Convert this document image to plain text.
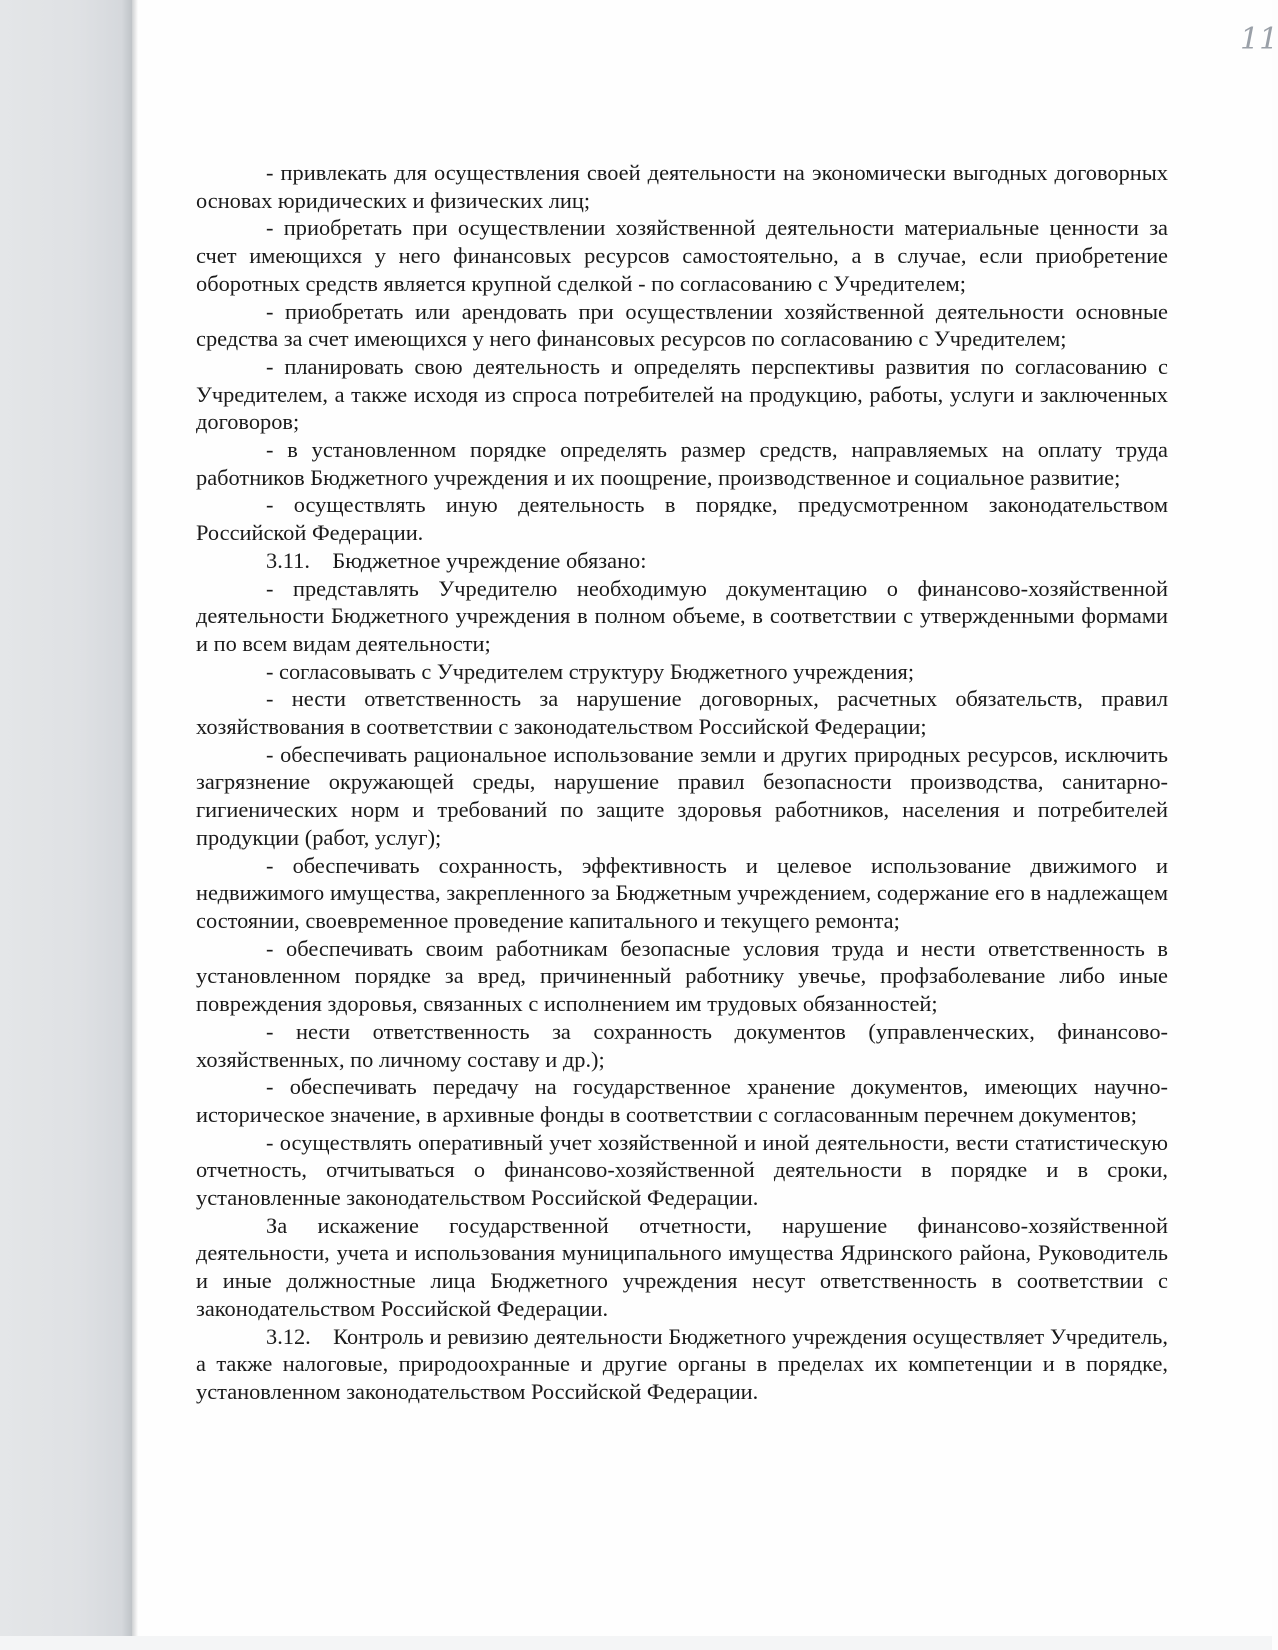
11

- привлекать для осуществления своей деятельности на экономически выгодных договорных основах юридических и физических лиц;

- приобретать при осуществлении хозяйственной деятельности материальные ценности за счет имеющихся у него финансовых ресурсов самостоятельно, а в случае, если приобретение оборотных средств является крупной сделкой - по согласованию с Учредителем;

- приобретать или арендовать при осуществлении хозяйственной деятельности основные средства за счет имеющихся у него финансовых ресурсов по согласованию с Учредителем;

- планировать свою деятельность и определять перспективы развития по согласованию с Учредителем, а также исходя из спроса потребителей на продукцию, работы, услуги и заключенных договоров;

- в установленном порядке определять размер средств, направляемых на оплату труда работников Бюджетного учреждения и их поощрение, производственное и социальное развитие;

- осуществлять иную деятельность в порядке, предусмотренном законодательством Российской Федерации.

3.11. Бюджетное учреждение обязано:

- представлять Учредителю необходимую документацию о финансово-хозяйственной деятельности Бюджетного учреждения в полном объеме, в соответствии с утвержденными формами и по всем видам деятельности;

- согласовывать с Учредителем структуру Бюджетного учреждения;

- нести ответственность за нарушение договорных, расчетных обязательств, правил хозяйствования в соответствии с законодательством Российской Федерации;

- обеспечивать рациональное использование земли и других природных ресурсов, исключить загрязнение окружающей среды, нарушение правил безопасности производства, санитарно-гигиенических норм и требований по защите здоровья работников, населения и потребителей продукции (работ, услуг);

- обеспечивать сохранность, эффективность и целевое использование движимого и недвижимого имущества, закрепленного за Бюджетным учреждением, содержание его в надлежащем состоянии, своевременное проведение капитального и текущего ремонта;

- обеспечивать своим работникам безопасные условия труда и нести ответственность в установленном порядке за вред, причиненный работнику увечье, профзаболевание либо иные повреждения здоровья, связанных с исполнением им трудовых обязанностей;

- нести ответственность за сохранность документов (управленческих, финансово-хозяйственных, по личному составу и др.);

- обеспечивать передачу на государственное хранение документов, имеющих научно-историческое значение, в архивные фонды в соответствии с согласованным перечнем документов;

- осуществлять оперативный учет хозяйственной и иной деятельности, вести статистическую отчетность, отчитываться о финансово-хозяйственной деятельности в порядке и в сроки, установленные законодательством Российской Федерации.

За искажение государственной отчетности, нарушение финансово-хозяйственной деятельности, учета и использования муниципального имущества Ядринского района, Руководитель и иные должностные лица Бюджетного учреждения несут ответственность в соответствии с законодательством Российской Федерации.

3.12. Контроль и ревизию деятельности Бюджетного учреждения осуществляет Учредитель, а также налоговые, природоохранные и другие органы в пределах их компетенции и в порядке, установленном законодательством Российской Федерации.
